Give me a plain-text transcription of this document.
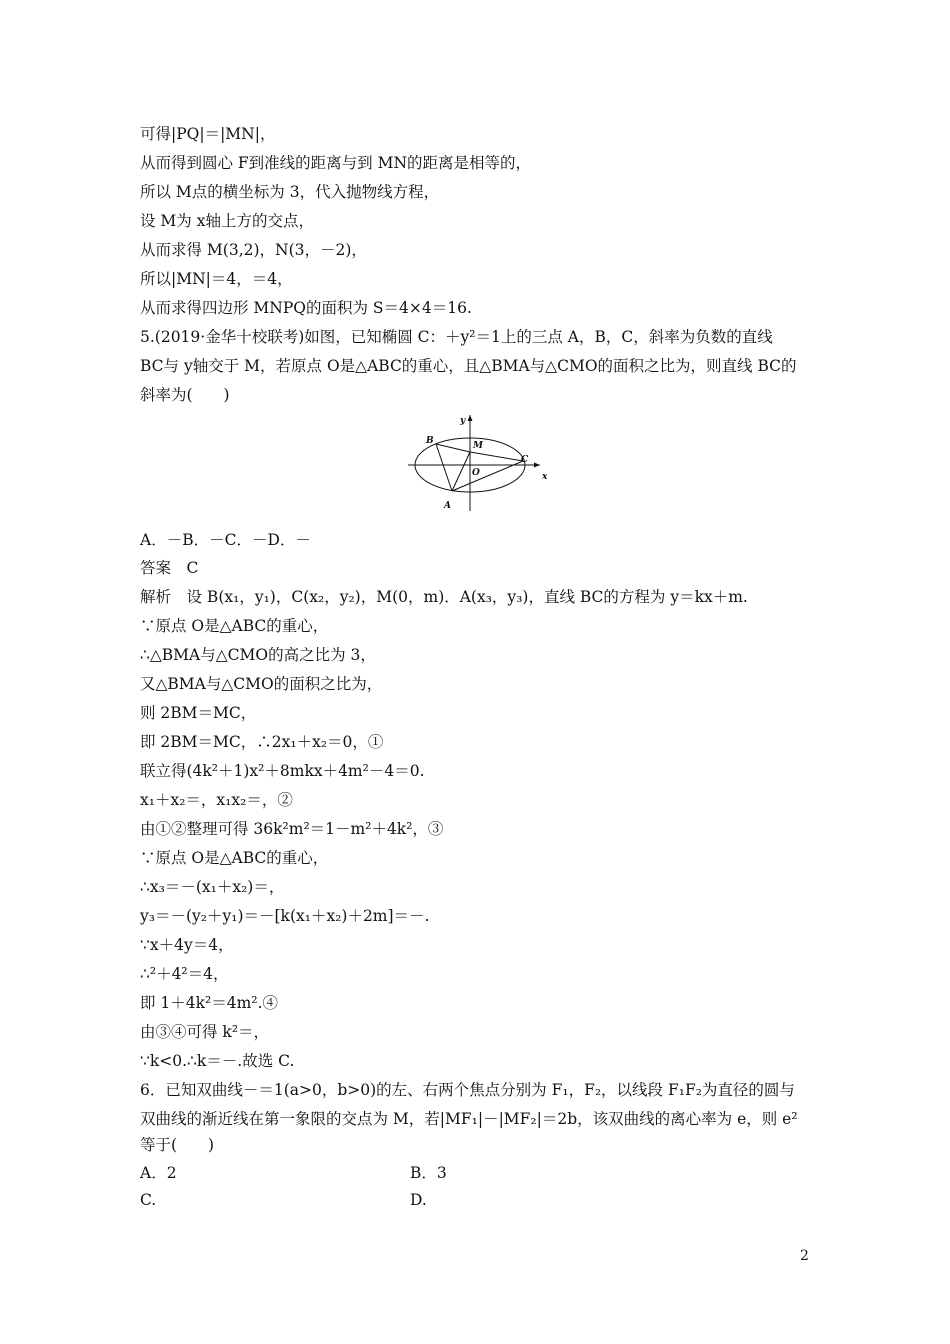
可得|PQ|＝|MN|，
从而得到圆心 F到准线的距离与到 MN的距离是相等的，
所以 M点的横坐标为 3，代入抛物线方程，
设 M为 x轴上方的交点，
从而求得 M(3,2)，N(3，－2)，
所以|MN|＝4，＝4，
从而求得四边形 MNPQ的面积为 S＝4×4＝16.
5.(2019·金华十校联考)如图，已知椭圆 C：＋y²＝1上的三点 A，B，C，斜率为负数的直线
BC与 y轴交于 M，若原点 O是△ABC的重心，且△BMA与△CMO的面积之比为，则直线 BC的
斜率为(　　)
x
y
O
M
A
B
C
A．－B．－C．－D．－
答案　C
解析　设 B(x₁，y₁)，C(x₂，y₂)，M(0，m)．A(x₃，y₃)，直线 BC的方程为 y＝kx＋m.
∵原点 O是△ABC的重心，
∴△BMA与△CMO的高之比为 3，
又△BMA与△CMO的面积之比为，
则 2BM＝MC，
即 2BM＝MC，∴2x₁＋x₂＝0，①
联立得(4k²＋1)x²＋8mkx＋4m²－4＝0.
x₁＋x₂＝，x₁x₂＝，②
由①②整理可得 36k²m²＝1－m²＋4k²，③
∵原点 O是△ABC的重心，
∴x₃＝－(x₁＋x₂)＝，
y₃＝－(y₂＋y₁)＝－[k(x₁＋x₂)＋2m]＝－.
∵x＋4y＝4，
∴²＋4²＝4，
即 1＋4k²＝4m².④
由③④可得 k²＝，
∵k<0.∴k＝－.故选 C.
6．已知双曲线－＝1(a>0，b>0)的左、右两个焦点分别为 F₁，F₂，以线段 F₁F₂为直径的圆与
双曲线的渐近线在第一象限的交点为 M，若|MF₁|－|MF₂|＝2b，该双曲线的离心率为 e，则 e²
等于(　　)
A．2	B．3
C.	D.
2
